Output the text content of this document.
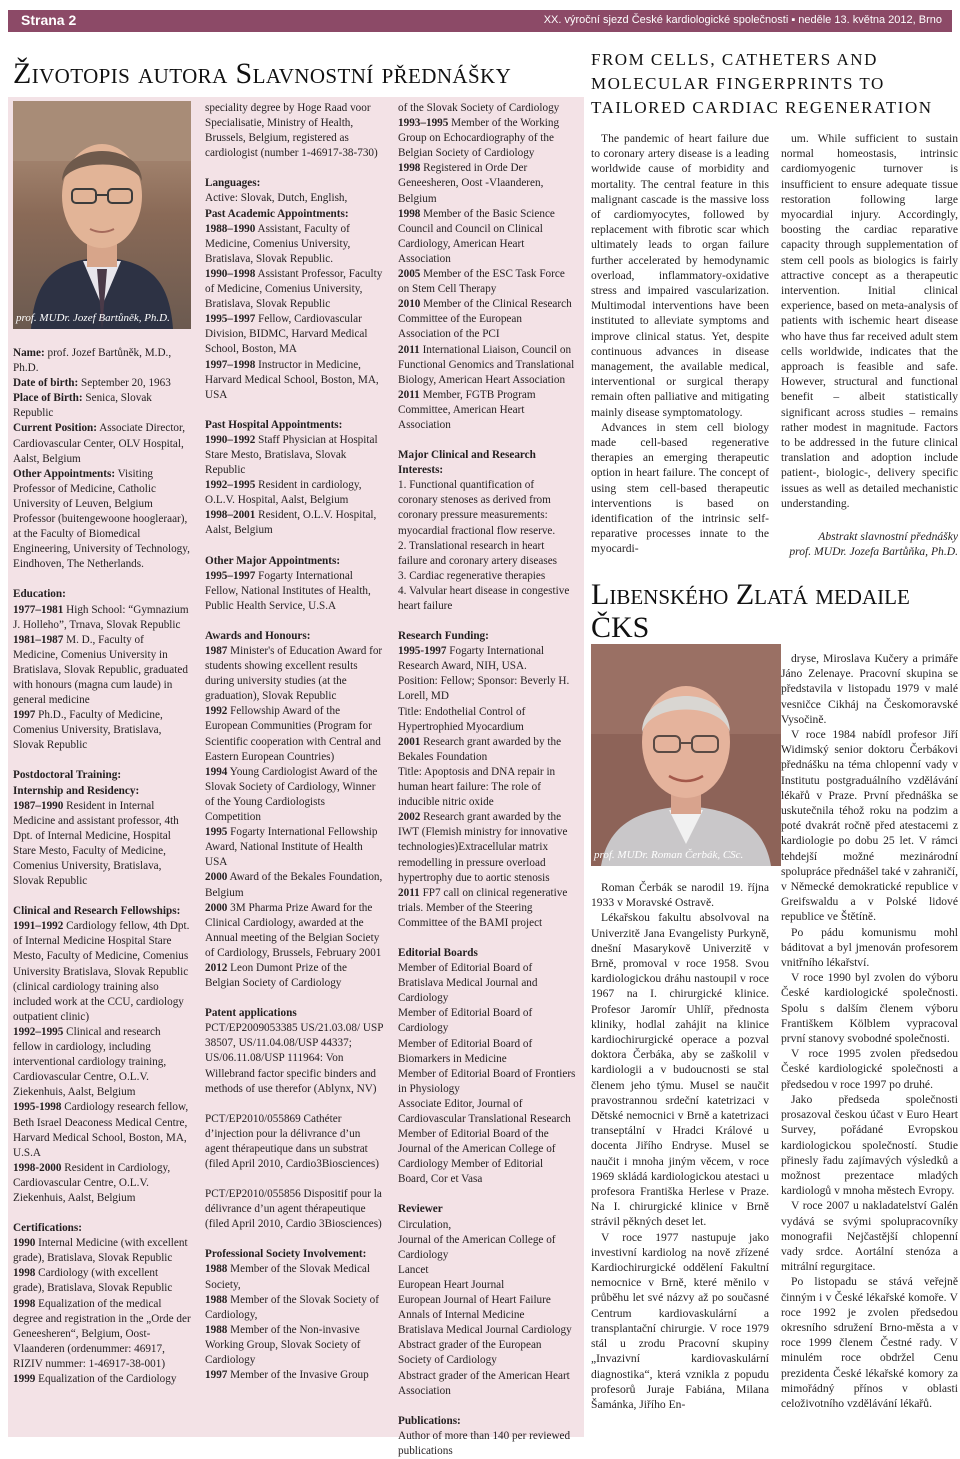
Strana 2	XX. výroční sjezd České kardiologické společnosti ▪ neděle 13. května 2012, Brno
Životopis autora Slavnostní přednášky	FROM CELLS, CATHETERS AND MOLECULAR FINGERPRINTS TO TAILORED CARDIAC REGENERATION
prof. MUDr. Jozef Bartůněk, Ph.D.

Name: prof. Jozef Bartůněk, M.D., Ph.D.

Date of birth: September 20, 1963

Place of Birth: Senica, Slovak Republic

Current Position: Associate Director, Cardiovascular Center, OLV Hospital, Aalst, Belgium

Other Appointments: Visiting Professor of Medicine, Catholic University of Leuven, Belgium Professor (buitengewoone hoogleraar), at the Faculty of Biomedical Engineering, University of Technology, Eindhoven, The Netherlands.

Education:

1977–1981 High School: “Gymnazium J. Holleho”, Trnava, Slovak Republic

1981–1987 M. D., Faculty of Medicine, Comenius University in Bratislava, Slovak Republic, graduated with honours (magna cum laude) in general medicine

1997 Ph.D., Faculty of Medicine, Comenius University, Bratislava, Slovak Republic

Postdoctoral Training:

Internship and Residency:

1987–1990 Resident in Internal Medicine and assistant professor, 4th Dpt. of Internal Medicine, Hospital Stare Mesto, Faculty of Medicine, Comenius University, Bratislava, Slovak Republic

Clinical and Research Fellowships:

1991–1992 Cardiology fellow, 4th Dpt. of Internal Medicine Hospital Stare Mesto, Faculty of Medicine, Comenius University Bratislava, Slovak Republic (clinical cardiology training also included work at the CCU, cardiology outpatient clinic)

1992–1995 Clinical and research fellow in cardiology, including interventional cardiology training, Cardiovascular Centre, O.L.V. Ziekenhuis, Aalst, Belgium

1995-1998 Cardiology research fellow, Beth Israel Deaconess Medical Centre, Harvard Medical School, Boston, MA, U.S.A

1998-2000 Resident in Cardiology, Cardiovascular Centre, O.L.V. Ziekenhuis, Aalst, Belgium

Certifications:

1990 Internal Medicine (with excellent grade), Bratislava, Slovak Republic

1998 Cardiology (with excellent grade), Bratislava, Slovak Republic

1998 Equalization of the medical degree and registration in the „Orde der Geneesheren“, Belgium, Oost-Vlaanderen (ordenummer: 46917, RIZIV nummer: 1-46917-38-001)

1999 Equalization of the Cardiology

speciality degree by Hoge Raad voor Specialisatie, Ministry of Health, Brussels, Belgium, registered as cardiologist (number 1-46917-38-730)

Languages:

Active: Slovak, Dutch, English,

Past Academic Appointments:

1988–1990 Assistant, Faculty of Medicine, Comenius University, Bratislava, Slovak Republic.

1990–1998 Assistant Professor, Faculty of Medicine, Comenius University, Bratislava, Slovak Republic

1995–1997 Fellow, Cardiovascular Division, BIDMC, Harvard Medical School, Boston, MA

1997–1998 Instructor in Medicine, Harvard Medical School, Boston, MA, USA

Past Hospital Appointments:

1990–1992 Staff Physician at Hospital Stare Mesto, Bratislava, Slovak Republic

1992–1995 Resident in cardiology, O.L.V. Hospital, Aalst, Belgium

1998–2001 Resident, O.L.V. Hospital, Aalst, Belgium

Other Major Appointments:

1995–1997 Fogarty International Fellow, National Institutes of Health, Public Health Service, U.S.A

Awards and Honours:

1987 Minister's of Education Award for students showing excellent results during university studies (at the graduation), Slovak Republic

1992 Fellowship Award of the European Communities (Program for Scientific cooperation with Central and Eastern European Countries)

1994 Young Cardiologist Award of the Slovak Society of Cardiology, Winner of the Young Cardiologists Competition

1995 Fogarty International Fellowship Award, National Institute of Health USA

2000 Award of the Bekales Foundation, Belgium

2000 3M Pharma Prize Award for the Clinical Cardiology, awarded at the Annual meeting of the Belgian Society of Cardiology, Brussels, February 2001

2012 Leon Dumont Prize of the Belgian Society of Cardiology

Patent applications

PCT/EP2009053385 US/21.03.08/ USP 38507, US/11.04.08/USP 44337; US/06.11.08/USP 111964: Von Willebrand factor specific binders and methods of use therefor (Ablynx, NV)

PCT/EP2010/055869 Cathéter d’injection pour la délivrance d’un agent thérapeutique dans un substrat (filed April 2010, Cardio3Biosciences)

PCT/EP2010/055856 Dispositif pour la délivrance d’un agent thérapeutique (filed April 2010, Cardio 3Biosciences)

Professional Society Involvement:

1988 Member of the Slovak Medical Society,

1988 Member of the Slovak Society of Cardiology,

1988 Member of the Non-invasive Working Group, Slovak Society of Cardiology

1997 Member of the Invasive Group

of the Slovak Society of Cardiology

1993–1995 Member of the Working Group on Echocardiography of the Belgian Society of Cardiology

1998 Registered in Orde Der Geneesheren, Oost -Vlaanderen, Belgium

1998 Member of the Basic Science Council and Council on Clinical Cardiology, American Heart Association

2005 Member of the ESC Task Force on Stem Cell Therapy

2010 Member of the Clinical Research Committee of the European Association of the PCI

2011 International Liaison, Council on Functional Genomics and Translational Biology, American Heart Association

2011 Member, FGTB Program Committee, American Heart Association

Major Clinical and Research Interests:

1. Functional quantification of coronary stenoses as derived from coronary pressure measurements: myocardial fractional flow reserve.

2. Translational research in heart failure and coronary artery diseases

3. Cardiac regenerative therapies

4. Valvular heart disease in congestive heart failure

Research Funding:

1995-1997 Fogarty International Research Award, NIH, USA.

Position: Fellow; Sponsor: Beverly H. Lorell, MD

Title: Endothelial Control of Hypertrophied Myocardium

2001 Research grant awarded by the Bekales Foundation

Title: Apoptosis and DNA repair in human heart failure: The role of inducible nitric oxide

2002 Research grant awarded by the IWT (Flemish ministry for innovative technologies)Extracellular matrix remodelling in pressure overload hypertrophy due to aortic stenosis

2011 FP7 call on clinical regenerative trials. Member of the Steering Committee of the BAMI project

Editorial Boards

Member of Editorial Board of Bratislava Medical Journal and Cardiology

Member of Editorial Board of Cardiology

Member of Editorial Board of Biomarkers in Medicine

Member of Editorial Board of Frontiers in Physiology

Associate Editor, Journal of Cardiovascular Translational Research

Member of Editorial Board of the Journal of the American College of Cardiology Member of Editorial Board, Cor et Vasa

Reviewer

Circulation,

Journal of the American College of Cardiology

Lancet

European Heart Journal

European Journal of Heart Failure

Annals of Internal Medicine

Bratislava Medical Journal Cardiology

Abstract grader of the European Society of Cardiology

Abstract grader of the American Heart Association

Publications:

Author of more than 140 per reviewed publications

The pandemic of heart failure due to coronary artery disease is a leading worldwide cause of morbidity and mortality. The central feature in this malignant cascade is the massive loss of cardiomyocytes, followed by replacement with fibrotic scar which ultimately leads to organ failure further accelerated by hemodynamic overload, inflammatory-oxidative stress and impaired vascularization. Multimodal interventions have been instituted to alleviate symptoms and improve clinical status. Yet, despite continuous advances in disease management, the available medical, interventional or surgical therapy remain often palliative and mitigating mainly disease symptomatology.

Advances in stem cell biology made cell-based regenerative therapies an emerging therapeutic option in heart failure. The concept of using stem cell-based therapeutic interventions is based on identification of the intrinsic self-reparative processes innate to the myocardi-

um. While sufficient to sustain normal homeostasis, intrinsic cardiomyogenic turnover is insufficient to ensure adequate tissue restoration following large myocardial injury. Accordingly, boosting the cardiac reparative capacity through supplementation of stem cell pools as biologics is fairly attractive concept as a therapeutic intervention. Initial clinical experience, based on meta-analysis of patients with ischemic heart disease who have thus far received adult stem cells worldwide, indicates that the approach is feasible and safe. However, structural and functional benefit – albeit statistically significant across studies – remains rather modest in magnitude. Factors to be addressed in the future clinical translation and adoption include patient-, biologic-, delivery specific issues as well as detailed mechanistic understanding.

Abstrakt slavnostní přednášky
prof. MUDr. Jozefa Bartůňka, Ph.D.
Libenského Zlatá medaile ČKS
prof. MUDr. Roman Čerbák, CSc.

Roman Čerbák se narodil 19. října 1933 v Moravské Ostravě.

Lékařskou fakultu absolvoval na Univerzitě Jana Evangelisty Purkyně, dnešní Masarykově Univerzitě v Brně, promoval v roce 1958. Svou kardiologickou dráhu nastoupil v roce 1967 na I. chirurgické klinice. Profesor Jaromír Uhlíř, přednosta kliniky, hodlal zahájit na klinice kardiochirurgické operace a pozval doktora Čerbáka, aby se zaškolil v kardiologii a v budoucnosti se stal členem jeho týmu. Musel se naučit pravostrannou srdeční katetrizaci v Dětské nemocnici v Brně a katetrizaci transeptální v Hradci Králové u docenta Jiřího Endryse. Musel se naučit i mnoha jiným věcem, v roce 1969 skládá kardiologickou atestaci u profesora Františka Herlese v Praze. Na I. chirurgické klinice v Brně strávil pěkných deset let.

V roce 1977 nastupuje jako investivní kardiolog na nově zřízené Kardiochirurgické oddělení Fakultní nemocnice v Brně, které měnilo v průběhu let své názvy až po současné Centrum kardiovaskulární a transplantační chirurgie. V roce 1979 stál u zrodu Pracovní skupiny „Invazivní kardiovaskulární diagnostika“, která vznikla z popudu profesorů Juraje Fabiána, Milana Šamánka, Jiřího En-

dryse, Miroslava Kučery a primáře Jáno Zelenaye. Pracovní skupina se představila v listopadu 1979 v malé vesničce Cikháj na Českomoravské Vysočině.

V roce 1984 nabídl profesor Jiří Widimský senior doktoru Čerbákovi přednášku na téma chlopenní vady v Institutu postgraduálního vzdělávání lékařů v Praze. První přednáška se uskutečnila téhož roku na podzim a poté dvakrát ročně před atestacemi z kardiologie po dobu 25 let. V rámci tehdejší možné mezinárodní spolupráce přednášel také v zahraničí, v Německé demokratické republice v Greifswaldu a v Polské lidové republice ve Štětíně.

Po pádu komunismu mohl báditovat a byl jmenován profesorem vnitřního lékařství.

V roce 1990 byl zvolen do výboru České kardiologické společnosti. Spolu s dalším členem výboru Františkem Kölblem vypracoval první stanovy svobodné společnosti.

V roce 1995 zvolen předsedou České kardiologické společnosti a předsedou v roce 1997 po druhé.

Jako předseda společnosti prosazoval českou účast v Euro Heart Survey, pořádané Evropskou kardiologickou společností. Studie přinesly řadu zajímavých výsledků a možnost prezentace mladých kardiologů v mnoha městech Evropy.

V roce 2007 u nakladatelství Galén vydává se svými spolupracovníky monografii Nejčastější chlopenní vady srdce. Aortální stenóza a mitrální regurgitace.

Po listopadu se stává veřejně činným i v České lékařské komoře. V roce 1992 je zvolen předsedou okresního sdružení Brno-města a v roce 1999 členem Čestné rady. V minulém roce obdržel Cenu prezidenta České lékařské komory za mimořádný přínos v oblasti celoživotního vzdělávání lékařů.
